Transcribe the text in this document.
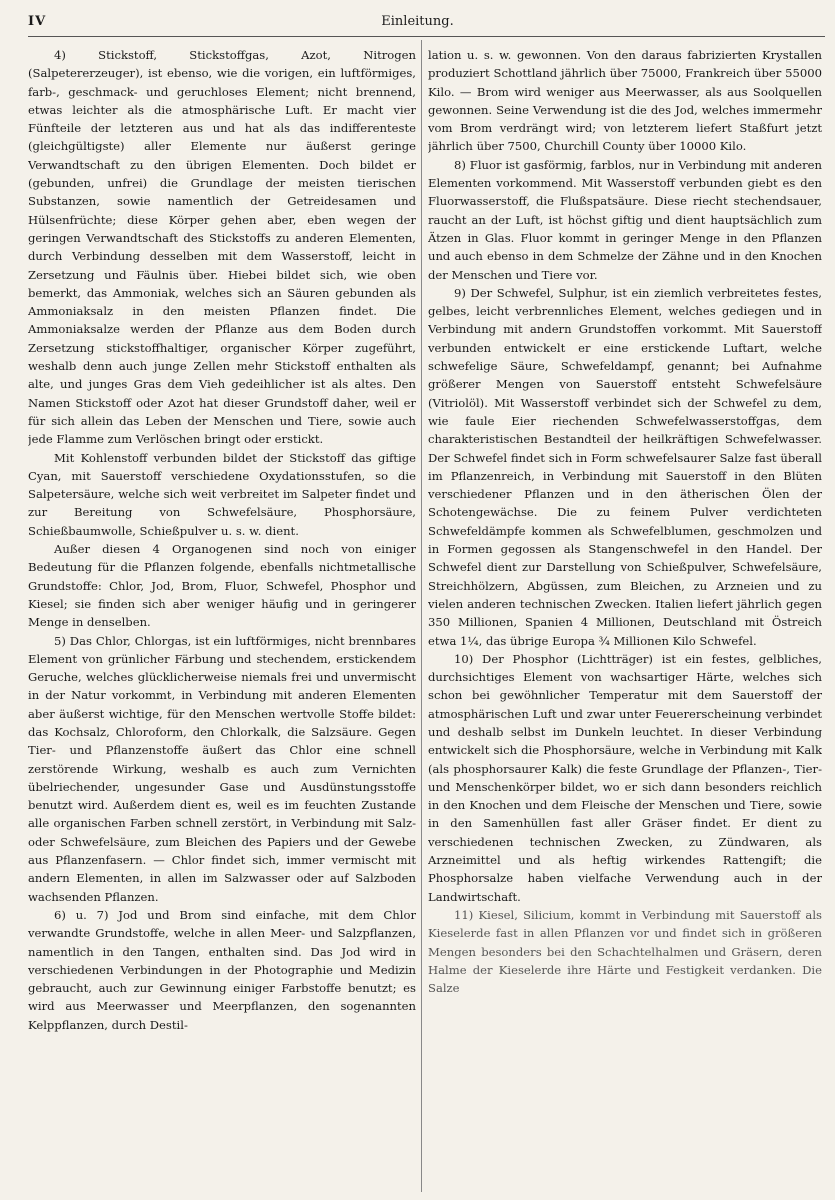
IV	Einleitung.

4) Stickstoff, Stickstoffgas, Azot, Nitrogen (Salpetererzeuger), ist ebenso, wie die vorigen, ein luftförmiges, farb-, geschmack- und geruchloses Element; nicht brennend, etwas leichter als die atmosphärische Luft. Er macht vier Fünfteile der letzteren aus und hat als das indifferenteste (gleichgültigste) aller Elemente nur äußerst geringe Verwandtschaft zu den übrigen Elementen. Doch bildet er (gebunden, unfrei) die Grundlage der meisten tierischen Substanzen, sowie namentlich der Getreidesamen und Hülsenfrüchte; diese Körper gehen aber, eben wegen der geringen Verwandtschaft des Stickstoffs zu anderen Elementen, durch Verbindung desselben mit dem Wasserstoff, leicht in Zersetzung und Fäulnis über. Hiebei bildet sich, wie oben bemerkt, das Ammoniak, welches sich an Säuren gebunden als Ammoniaksalz in den meisten Pflanzen findet. Die Ammoniaksalze werden der Pflanze aus dem Boden durch Zersetzung stickstoffhaltiger, organischer Körper zugeführt, weshalb denn auch junge Zellen mehr Stickstoff enthalten als alte, und junges Gras dem Vieh gedeihlicher ist als altes. Den Namen Stickstoff oder Azot hat dieser Grundstoff daher, weil er für sich allein das Leben der Menschen und Tiere, sowie auch jede Flamme zum Verlöschen bringt oder erstickt.

Mit Kohlenstoff verbunden bildet der Stickstoff das giftige Cyan, mit Sauerstoff verschiedene Oxydationsstufen, so die Salpetersäure, welche sich weit verbreitet im Salpeter findet und zur Bereitung von Schwefelsäure, Phosphorsäure, Schießbaumwolle, Schießpulver u. s. w. dient.

Außer diesen 4 Organogenen sind noch von einiger Bedeutung für die Pflanzen folgende, ebenfalls nichtmetallische Grundstoffe: Chlor, Jod, Brom, Fluor, Schwefel, Phosphor und Kiesel; sie finden sich aber weniger häufig und in geringerer Menge in denselben.

5) Das Chlor, Chlorgas, ist ein luftförmiges, nicht brennbares Element von grünlicher Färbung und stechendem, erstickendem Geruche, welches glücklicherweise niemals frei und unvermischt in der Natur vorkommt, in Verbindung mit anderen Elementen aber äußerst wichtige, für den Menschen wertvolle Stoffe bildet: das Kochsalz, Chloroform, den Chlorkalk, die Salzsäure. Gegen Tier- und Pflanzenstoffe äußert das Chlor eine schnell zerstörende Wirkung, weshalb es auch zum Vernichten übelriechender, ungesunder Gase und Ausdünstungsstoffe benutzt wird. Außerdem dient es, weil es im feuchten Zustande alle organischen Farben schnell zerstört, in Verbindung mit Salz- oder Schwefelsäure, zum Bleichen des Papiers und der Gewebe aus Pflanzenfasern. — Chlor findet sich, immer vermischt mit andern Elementen, in allen im Salzwasser oder auf Salzboden wachsenden Pflanzen.

6) u. 7) Jod und Brom sind einfache, mit dem Chlor verwandte Grundstoffe, welche in allen Meer- und Salzpflanzen, namentlich in den Tangen, enthalten sind. Das Jod wird in verschiedenen Verbindungen in der Photographie und Medizin gebraucht, auch zur Gewinnung einiger Farbstoffe benutzt; es wird aus Meerwasser und Meerpflanzen, den sogenannten Kelppflanzen, durch Destil-

lation u. s. w. gewonnen. Von den daraus fabrizierten Krystallen produziert Schottland jährlich über 75000, Frankreich über 55000 Kilo. — Brom wird weniger aus Meerwasser, als aus Soolquellen gewonnen. Seine Verwendung ist die des Jod, welches immermehr vom Brom verdrängt wird; von letzterem liefert Staßfurt jetzt jährlich über 7500, Churchill County über 10000 Kilo.

8) Fluor ist gasförmig, farblos, nur in Verbindung mit anderen Elementen vorkommend. Mit Wasserstoff verbunden giebt es den Fluorwasserstoff, die Flußspatsäure. Diese riecht stechendsauer, raucht an der Luft, ist höchst giftig und dient hauptsächlich zum Ätzen in Glas. Fluor kommt in geringer Menge in den Pflanzen und auch ebenso in dem Schmelze der Zähne und in den Knochen der Menschen und Tiere vor.

9) Der Schwefel, Sulphur, ist ein ziemlich verbreitetes festes, gelbes, leicht verbrennliches Element, welches gediegen und in Verbindung mit andern Grundstoffen vorkommt. Mit Sauerstoff verbunden entwickelt er eine erstickende Luftart, welche schwefelige Säure, Schwefeldampf, genannt; bei Aufnahme größerer Mengen von Sauerstoff entsteht Schwefelsäure (Vitriolöl). Mit Wasserstoff verbindet sich der Schwefel zu dem, wie faule Eier riechenden Schwefelwasserstoffgas, dem charakteristischen Bestandteil der heilkräftigen Schwefelwasser. Der Schwefel findet sich in Form schwefelsaurer Salze fast überall im Pflanzenreich, in Verbindung mit Sauerstoff in den Blüten verschiedener Pflanzen und in den ätherischen Ölen der Schotengewächse. Die zu feinem Pulver verdichteten Schwefeldämpfe kommen als Schwefelblumen, geschmolzen und in Formen gegossen als Stangenschwefel in den Handel. Der Schwefel dient zur Darstellung von Schießpulver, Schwefelsäure, Streichhölzern, Abgüssen, zum Bleichen, zu Arzneien und zu vielen anderen technischen Zwecken. Italien liefert jährlich gegen 350 Millionen, Spanien 4 Millionen, Deutschland mit Östreich etwa 1¼, das übrige Europa ¾ Millionen Kilo Schwefel.

10) Der Phosphor (Lichtträger) ist ein festes, gelbliches, durchsichtiges Element von wachsartiger Härte, welches sich schon bei gewöhnlicher Temperatur mit dem Sauerstoff der atmosphärischen Luft und zwar unter Feuererscheinung verbindet und deshalb selbst im Dunkeln leuchtet. In dieser Verbindung entwickelt sich die Phosphorsäure, welche in Verbindung mit Kalk (als phosphorsaurer Kalk) die feste Grundlage der Pflanzen-, Tier- und Menschenkörper bildet, wo er sich dann besonders reichlich in den Knochen und dem Fleische der Menschen und Tiere, sowie in den Samenhüllen fast aller Gräser findet. Er dient zu verschiedenen technischen Zwecken, zu Zündwaren, als Arzneimittel und als heftig wirkendes Rattengift; die Phosphorsalze haben vielfache Verwendung auch in der Landwirtschaft.

11) Kiesel, Silicium, kommt in Verbindung mit Sauerstoff als Kieselerde fast in allen Pflanzen vor und findet sich in größeren Mengen besonders bei den Schachtelhalmen und Gräsern, deren Halme der Kieselerde ihre Härte und Festigkeit verdanken. Die Salze
